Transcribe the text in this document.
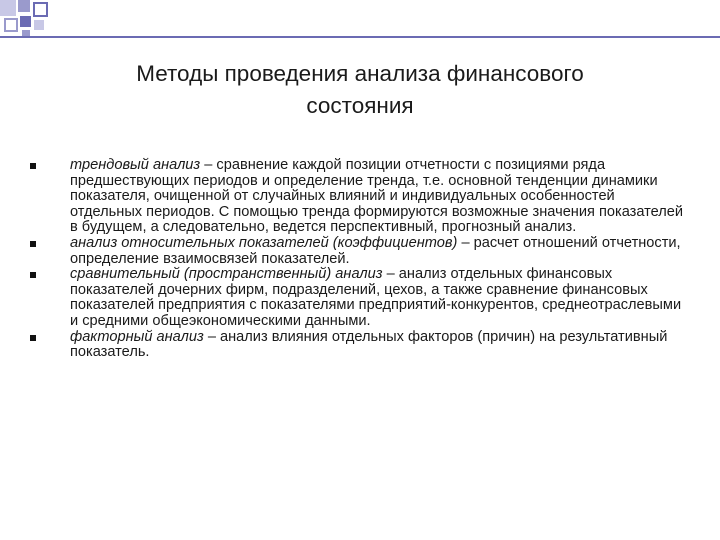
Методы проведения анализа финансового
состояния
трендовый анализ – сравнение каждой позиции отчетности с позициями ряда предшествующих периодов и определение тренда, т.е. основной тенденции динамики показателя, очищенной от случайных влияний и индивидуальных особенностей отдельных периодов. С помощью тренда формируются возможные значения показателей в будущем, а следовательно, ведется перспективный, прогнозный анализ.
анализ относительных показателей (коэффициентов) – расчет отношений отчетности, определение взаимосвязей показателей.
сравнительный (пространственный) анализ – анализ отдельных финансовых показателей дочерних фирм, подразделений, цехов, а также сравнение финансовых показателей предприятия с показателями предприятий-конкурентов, среднеотраслевыми и средними общеэкономическими данными.
факторный анализ – анализ влияния отдельных факторов (причин) на результативный показатель.
